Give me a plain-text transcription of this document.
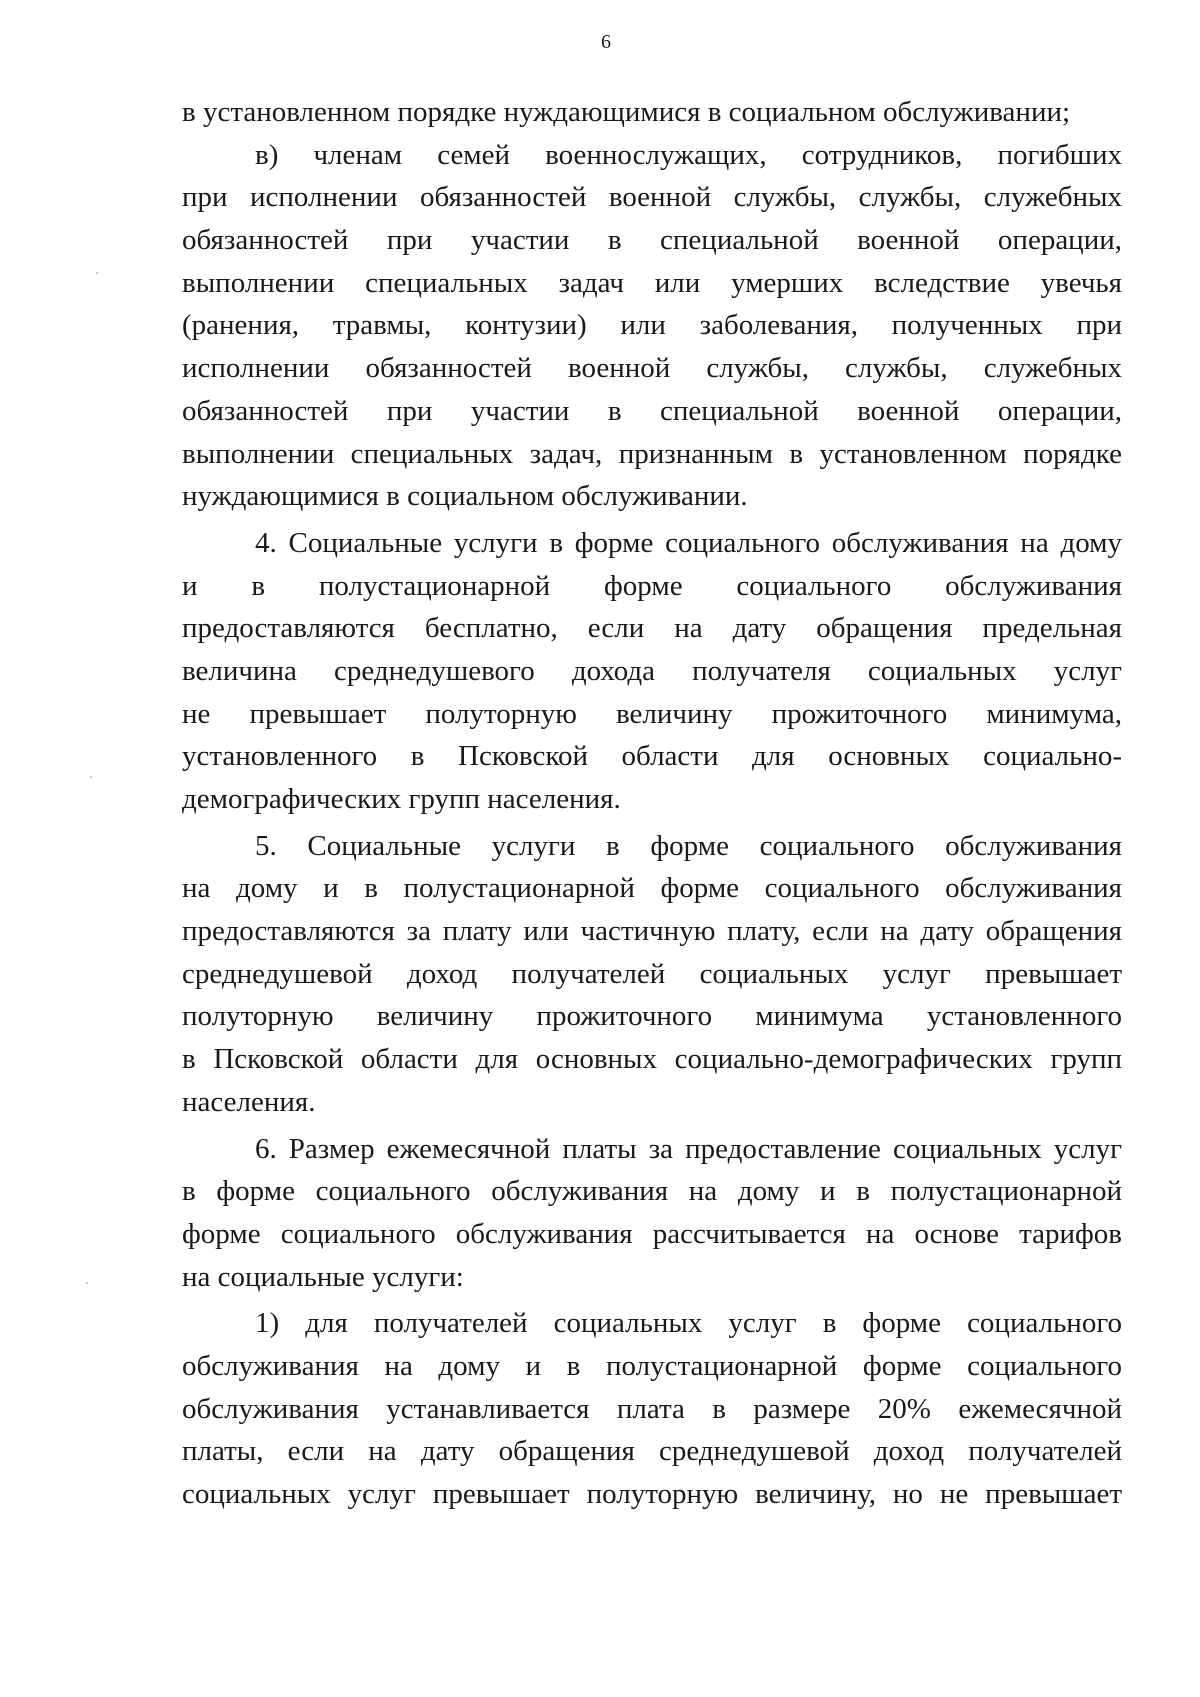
6
в установленном порядке нуждающимися в социальном обслуживании;
в) членам семей военнослужащих, сотрудников, погибших
при исполнении обязанностей военной службы, службы, служебных
обязанностей при участии в специальной военной операции,
выполнении специальных задач или умерших вследствие увечья
(ранения, травмы, контузии) или заболевания, полученных при
исполнении обязанностей военной службы, службы, служебных
обязанностей при участии в специальной военной операции,
выполнении специальных задач, признанным в установленном порядке
нуждающимися в социальном обслуживании.
4. Социальные услуги в форме социального обслуживания на дому
и в полустационарной форме социального обслуживания
предоставляются бесплатно, если на дату обращения предельная
величина среднедушевого дохода получателя социальных услуг
не превышает полуторную величину прожиточного минимума,
установленного в Псковской области для основных социально-
демографических групп населения.
5. Социальные услуги в форме социального обслуживания
на дому и в полустационарной форме социального обслуживания
предоставляются за плату или частичную плату, если на дату обращения
среднедушевой доход получателей социальных услуг превышает
полуторную величину прожиточного минимума установленного
в Псковской области для основных социально-демографических групп
населения.
6. Размер ежемесячной платы за предоставление социальных услуг
в форме социального обслуживания на дому и в полустационарной
форме социального обслуживания рассчитывается на основе тарифов
на социальные услуги:
1) для получателей социальных услуг в форме социального
обслуживания на дому и в полустационарной форме социального
обслуживания устанавливается плата в размере 20% ежемесячной
платы, если на дату обращения среднедушевой доход получателей
социальных услуг превышает полуторную величину, но не превышает
